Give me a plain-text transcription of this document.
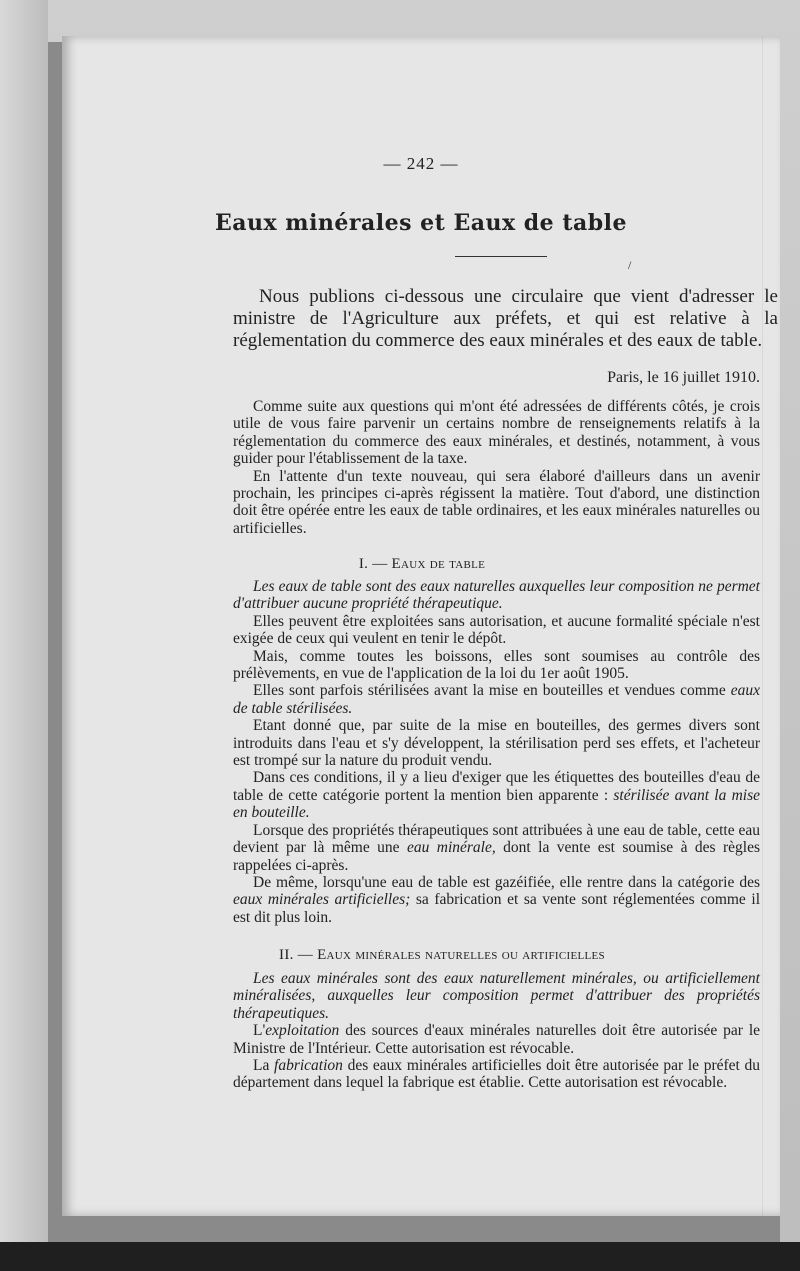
— 242 —
Eaux minérales et Eaux de table
/

Nous publions ci-dessous une circulaire que vient d'adresser le ministre de l'Agriculture aux préfets, et qui est relative à la réglementation du commerce des eaux minérales et des eaux de table.

Paris, le 16 juillet 1910.

Comme suite aux questions qui m'ont été adressées de différents côtés, je crois utile de vous faire parvenir un certains nombre de renseignements relatifs à la réglementation du commerce des eaux minérales, et destinés, notamment, à vous guider pour l'établissement de la taxe.

En l'attente d'un texte nouveau, qui sera élaboré d'ailleurs dans un avenir prochain, les principes ci-après régissent la matière. Tout d'abord, une distinction doit être opérée entre les eaux de table ordinaires, et les eaux minérales naturelles ou artificielles.

I. — Eaux de table

Les eaux de table sont des eaux naturelles auxquelles leur composition ne permet d'attribuer aucune propriété thérapeutique.

Elles peuvent être exploitées sans autorisation, et aucune formalité spéciale n'est exigée de ceux qui veulent en tenir le dépôt.

Mais, comme toutes les boissons, elles sont soumises au contrôle des prélèvements, en vue de l'application de la loi du 1er août 1905.

Elles sont parfois stérilisées avant la mise en bouteilles et vendues comme eaux de table stérilisées.

Etant donné que, par suite de la mise en bouteilles, des germes divers sont introduits dans l'eau et s'y développent, la stérilisation perd ses effets, et l'acheteur est trompé sur la nature du produit vendu.

Dans ces conditions, il y a lieu d'exiger que les étiquettes des bouteilles d'eau de table de cette catégorie portent la mention bien apparente : stérilisée avant la mise en bouteille.

Lorsque des propriétés thérapeutiques sont attribuées à une eau de table, cette eau devient par là même une eau minérale, dont la vente est soumise à des règles rappelées ci-après.

De même, lorsqu'une eau de table est gazéifiée, elle rentre dans la catégorie des eaux minérales artificielles; sa fabrication et sa vente sont réglementées comme il est dit plus loin.

II. — Eaux minérales naturelles ou artificielles

Les eaux minérales sont des eaux naturellement minérales, ou artificiellement minéralisées, auxquelles leur composition permet d'attribuer des propriétés thérapeutiques.

L'exploitation des sources d'eaux minérales naturelles doit être autorisée par le Ministre de l'Intérieur. Cette autorisation est révocable.

La fabrication des eaux minérales artificielles doit être autorisée par le préfet du département dans lequel la fabrique est établie. Cette autorisation est révocable.
